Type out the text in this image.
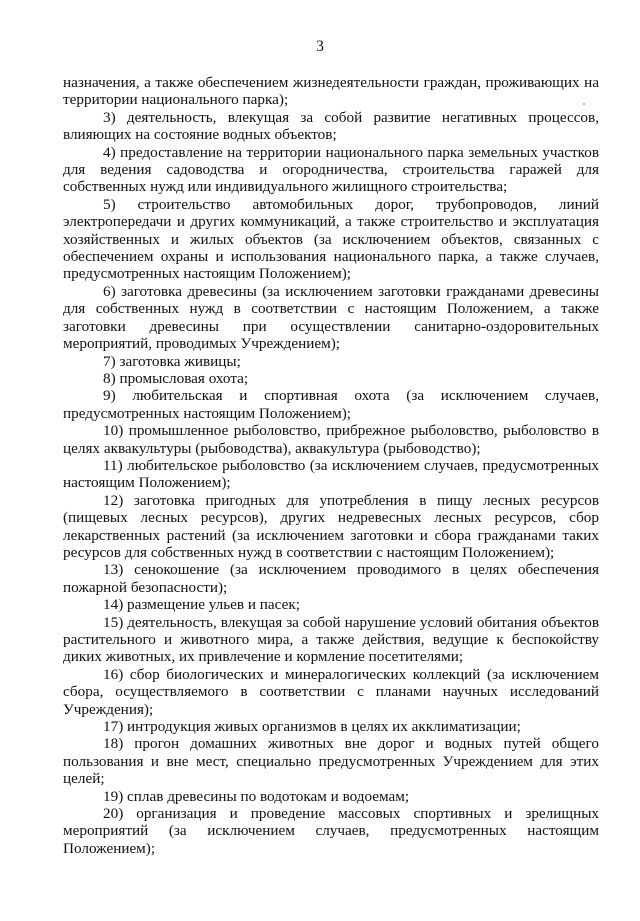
3

назначения, а также обеспечением жизнедеятельности граждан, проживающих на территории национального парка);

3) деятельность, влекущая за собой развитие негативных процессов, влияющих на состояние водных объектов;

4) предоставление на территории национального парка земельных участков для ведения садоводства и огородничества, строительства гаражей для собственных нужд или индивидуального жилищного строительства;

5) строительство автомобильных дорог, трубопроводов, линий электропередачи и других коммуникаций, а также строительство и эксплуатация хозяйственных и жилых объектов (за исключением объектов, связанных с обеспечением охраны и использования национального парка, а также случаев, предусмотренных настоящим Положением);

6) заготовка древесины (за исключением заготовки гражданами древесины для собственных нужд в соответствии с настоящим Положением, а также заготовки древесины при осуществлении санитарно-оздоровительных мероприятий, проводимых Учреждением);

7) заготовка живицы;

8) промысловая охота;

9) любительская и спортивная охота (за исключением случаев, предусмотренных настоящим Положением);

10) промышленное рыболовство, прибрежное рыболовство, рыболовство в целях аквакультуры (рыбоводства), аквакультура (рыбоводство);

11) любительское рыболовство (за исключением случаев, предусмотренных настоящим Положением);

12) заготовка пригодных для употребления в пищу лесных ресурсов (пищевых лесных ресурсов), других недревесных лесных ресурсов, сбор лекарственных растений (за исключением заготовки и сбора гражданами таких ресурсов для собственных нужд в соответствии с настоящим Положением);

13) сенокошение (за исключением проводимого в целях обеспечения пожарной безопасности);

14) размещение ульев и пасек;

15) деятельность, влекущая за собой нарушение условий обитания объектов растительного и животного мира, а также действия, ведущие к беспокойству диких животных, их привлечение и кормление посетителями;

16) сбор биологических и минералогических коллекций (за исключением сбора, осуществляемого в соответствии с планами научных исследований Учреждения);

17) интродукция живых организмов в целях их акклиматизации;

18) прогон домашних животных вне дорог и водных путей общего пользования и вне мест, специально предусмотренных Учреждением для этих целей;

19) сплав древесины по водотокам и водоемам;

20) организация и проведение массовых спортивных и зрелищных мероприятий (за исключением случаев, предусмотренных настоящим Положением);
